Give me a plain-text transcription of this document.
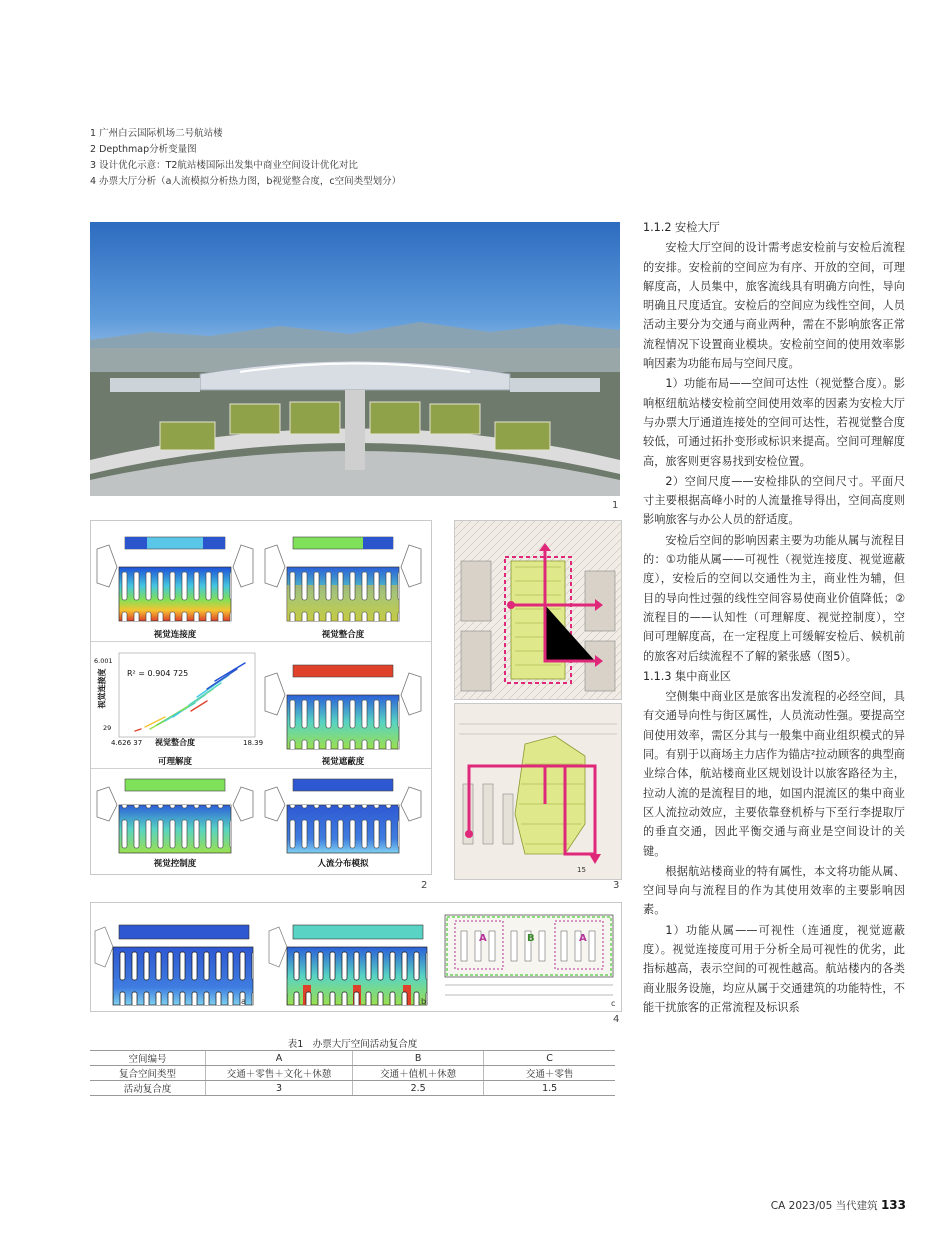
1 广州白云国际机场二号航站楼
2 Depthmap分析变量图
3 设计优化示意：T2航站楼国际出发集中商业空间设计优化对比
4 办票大厅分析（a人流模拟分析热力图，b视觉整合度，c空间类型划分）
1
视觉连接度	视觉整合度
R² = 0.904 725
6.001
29
视觉连接度
4.626 37 视觉整合度	18.39
可理解度	视觉遮蔽度
视觉控制度	人流分布模拟
2
15
3
a	b
A	B	A
c
4
表1　办票大厅空间活动复合度
空间编号	A	B	C
复合空间类型	交通＋零售＋文化＋休憩	交通＋值机＋休憩	交通＋零售
活动复合度	3	2.5	1.5
1.1.2 安检大厅

安检大厅空间的设计需考虑安检前与安检后流程的安排。安检前的空间应为有序、开放的空间，可理解度高，人员集中，旅客流线具有明确方向性，导向明确且尺度适宜。安检后的空间应为线性空间，人员活动主要分为交通与商业两种，需在不影响旅客正常流程情况下设置商业模块。安检前空间的使用效率影响因素为功能布局与空间尺度。

1）功能布局——空间可达性（视觉整合度）。影响枢纽航站楼安检前空间使用效率的因素为安检大厅与办票大厅通道连接处的空间可达性，若视觉整合度较低，可通过拓扑变形或标识来提高。空间可理解度高，旅客则更容易找到安检位置。

2）空间尺度——安检排队的空间尺寸。平面尺寸主要根据高峰小时的人流量推导得出，空间高度则影响旅客与办公人员的舒适度。

安检后空间的影响因素主要为功能从属与流程目的：①功能从属——可视性（视觉连接度、视觉遮蔽度），安检后的空间以交通性为主，商业性为辅，但目的导向性过强的线性空间容易使商业价值降低；②流程目的——认知性（可理解度、视觉控制度），空间可理解度高，在一定程度上可缓解安检后、候机前的旅客对后续流程不了解的紧张感（图5）。

1.1.3 集中商业区

空侧集中商业区是旅客出发流程的必经空间，具有交通导向性与街区属性，人员流动性强。要提高空间使用效率，需区分其与一般集中商业组织模式的异同。有别于以商场主力店作为锚店²拉动顾客的典型商业综合体，航站楼商业区规划设计以旅客路径为主，拉动人流的是流程目的地，如国内混流区的集中商业区人流拉动效应，主要依靠登机桥与下至行李提取厅的垂直交通，因此平衡交通与商业是空间设计的关键。

根据航站楼商业的特有属性，本文将功能从属、空间导向与流程目的作为其使用效率的主要影响因素。

1）功能从属——可视性（连通度，视觉遮蔽度）。视觉连接度可用于分析全局可视性的优劣，此指标越高，表示空间的可视性越高。航站楼内的各类商业服务设施，均应从属于交通建筑的功能特性，不能干扰旅客的正常流程及标识系

CA 2023/05 当代建筑 133
